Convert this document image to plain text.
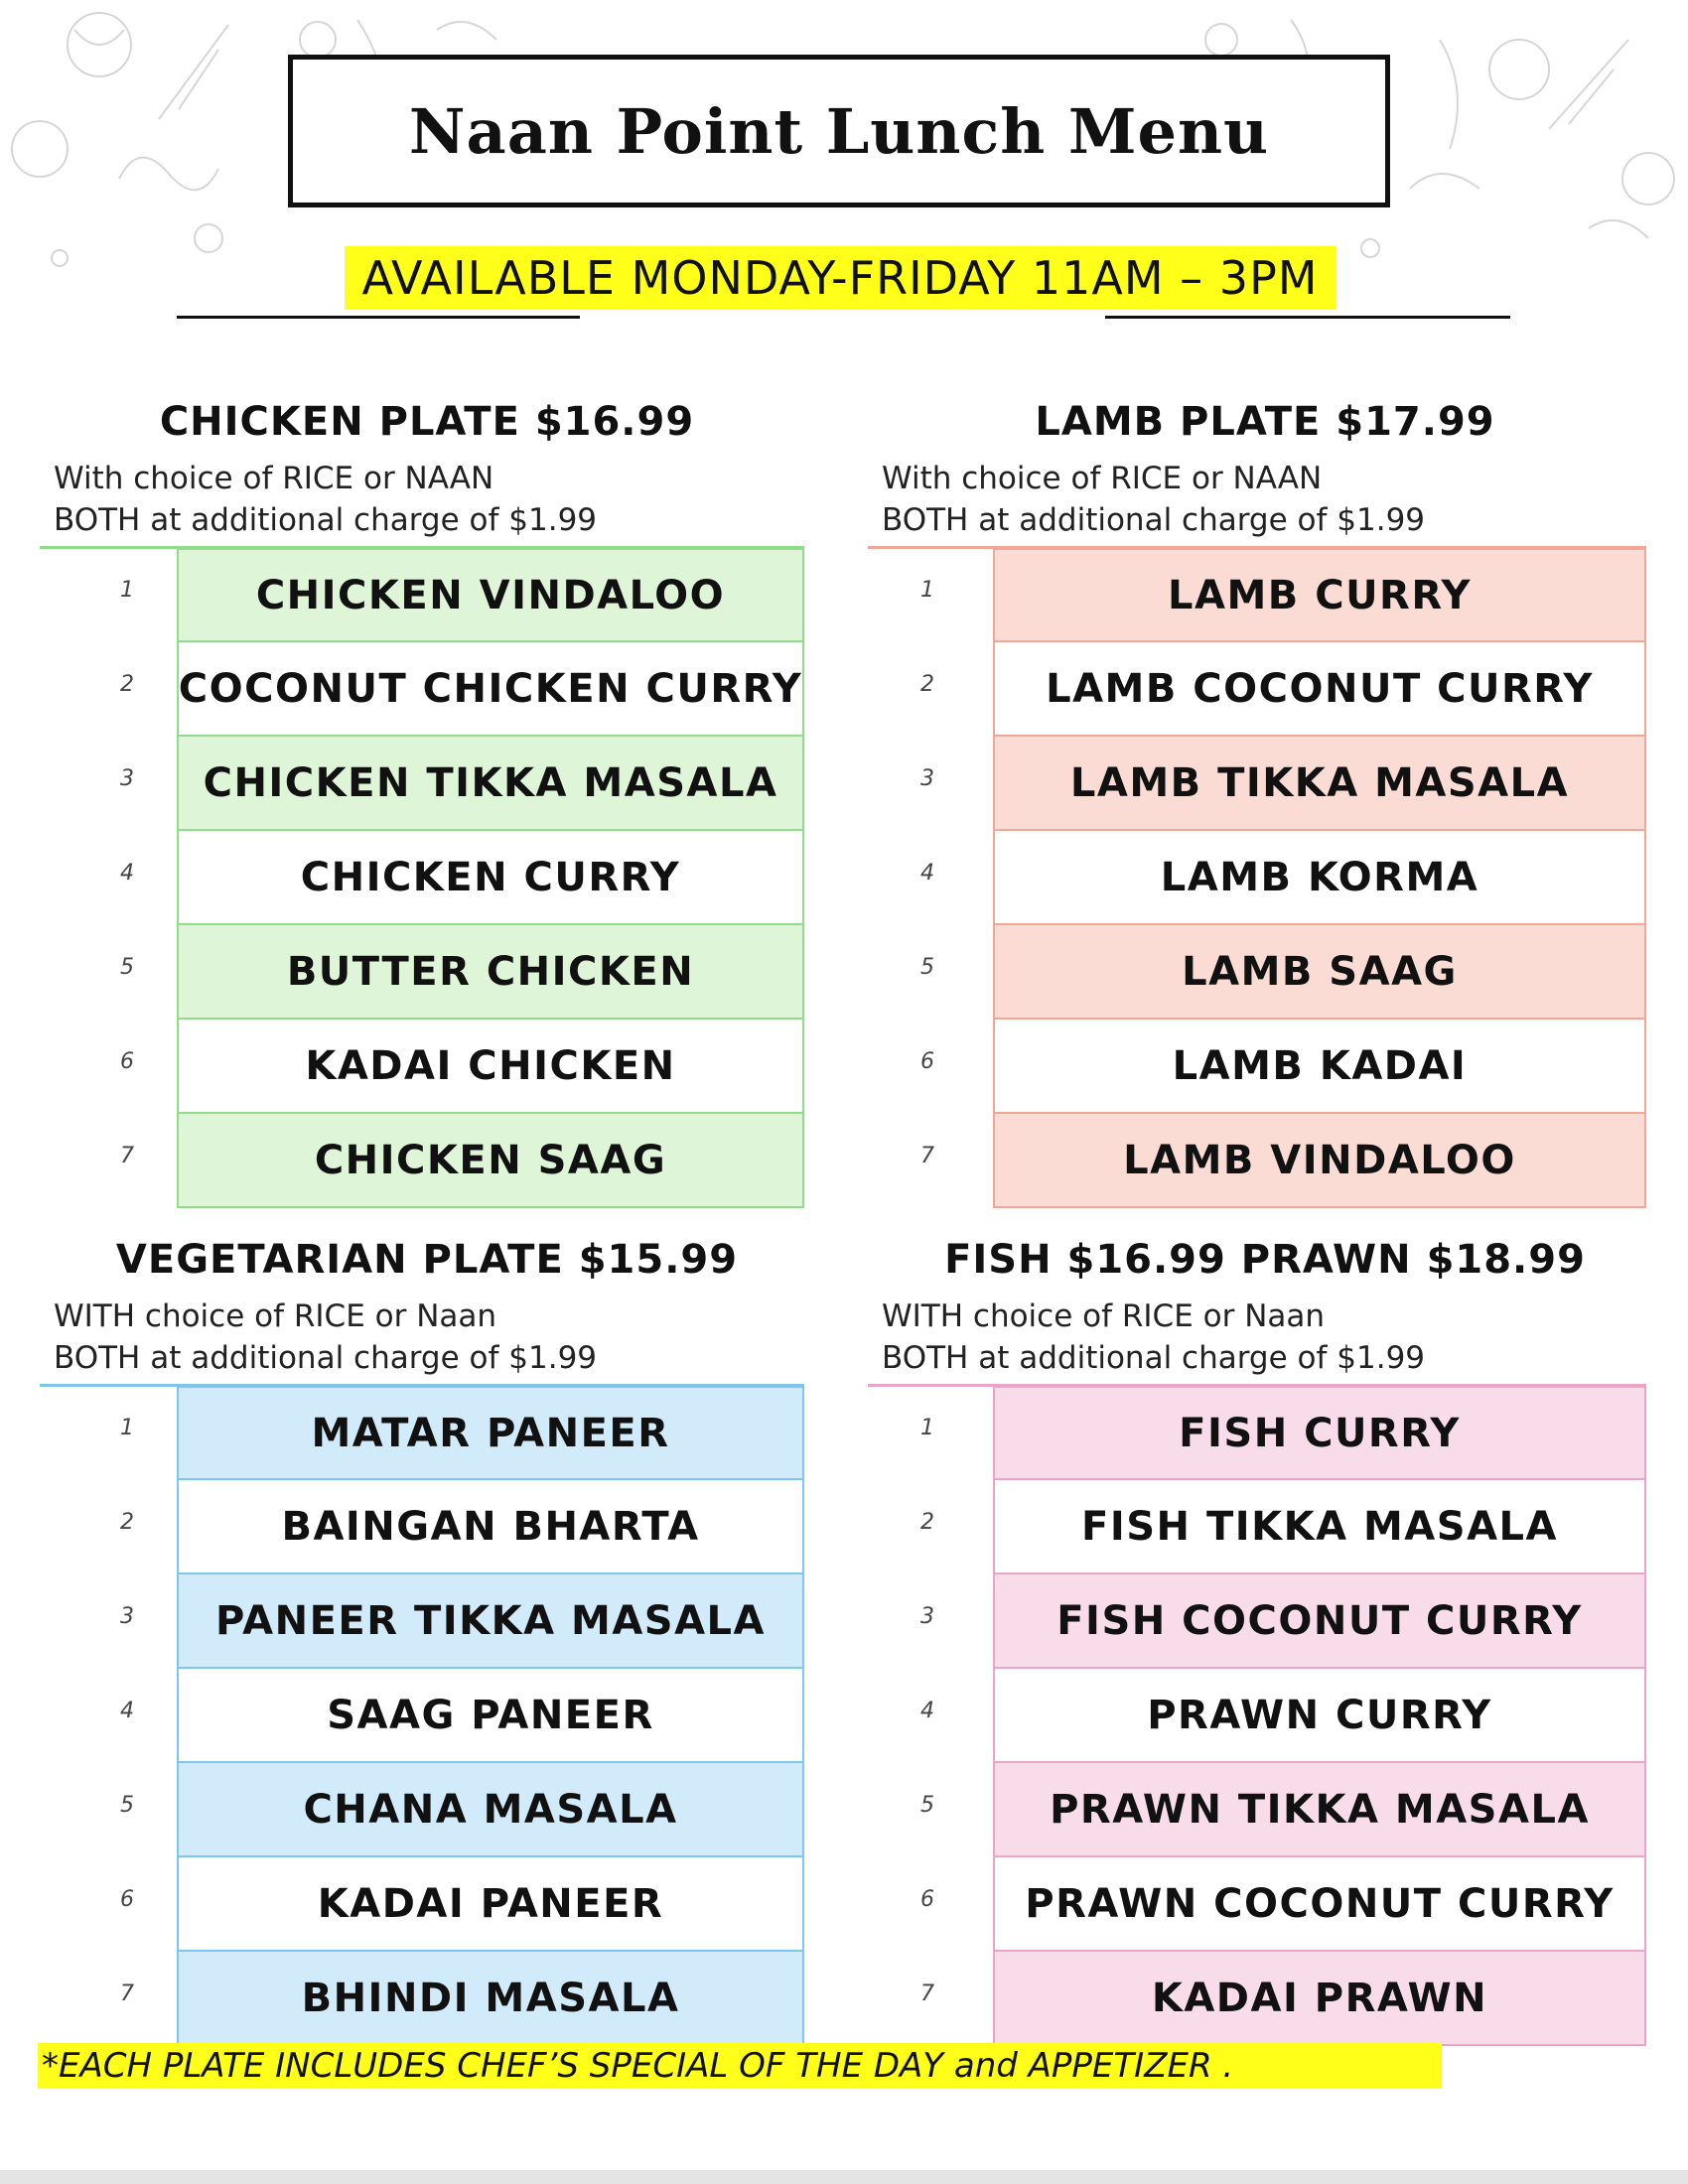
Naan Point Lunch Menu
AVAILABLE MONDAY-FRIDAY 11AM – 3PM
CHICKEN PLATE $16.99
With choice of RICE or NAAN
BOTH at additional charge of $1.99
1	CHICKEN VINDALOO
2	COCONUT CHICKEN CURRY
3	CHICKEN TIKKA MASALA
4	CHICKEN CURRY
5	BUTTER CHICKEN
6	KADAI CHICKEN
7	CHICKEN SAAG
LAMB PLATE $17.99
With choice of RICE or NAAN
BOTH at additional charge of $1.99
1	LAMB CURRY
2	LAMB COCONUT CURRY
3	LAMB TIKKA MASALA
4	LAMB KORMA
5	LAMB SAAG
6	LAMB KADAI
7	LAMB VINDALOO
VEGETARIAN PLATE $15.99
WITH choice of RICE or Naan
BOTH at additional charge of $1.99
1	MATAR PANEER
2	BAINGAN BHARTA
3	PANEER TIKKA MASALA
4	SAAG PANEER
5	CHANA MASALA
6	KADAI PANEER
7	BHINDI MASALA
FISH $16.99 PRAWN $18.99
WITH choice of RICE or Naan
BOTH at additional charge of $1.99
1	FISH CURRY
2	FISH TIKKA MASALA
3	FISH COCONUT CURRY
4	PRAWN CURRY
5	PRAWN TIKKA MASALA
6	PRAWN COCONUT CURRY
7	KADAI PRAWN
*EACH PLATE INCLUDES CHEF’S SPECIAL OF THE DAY and APPETIZER .
